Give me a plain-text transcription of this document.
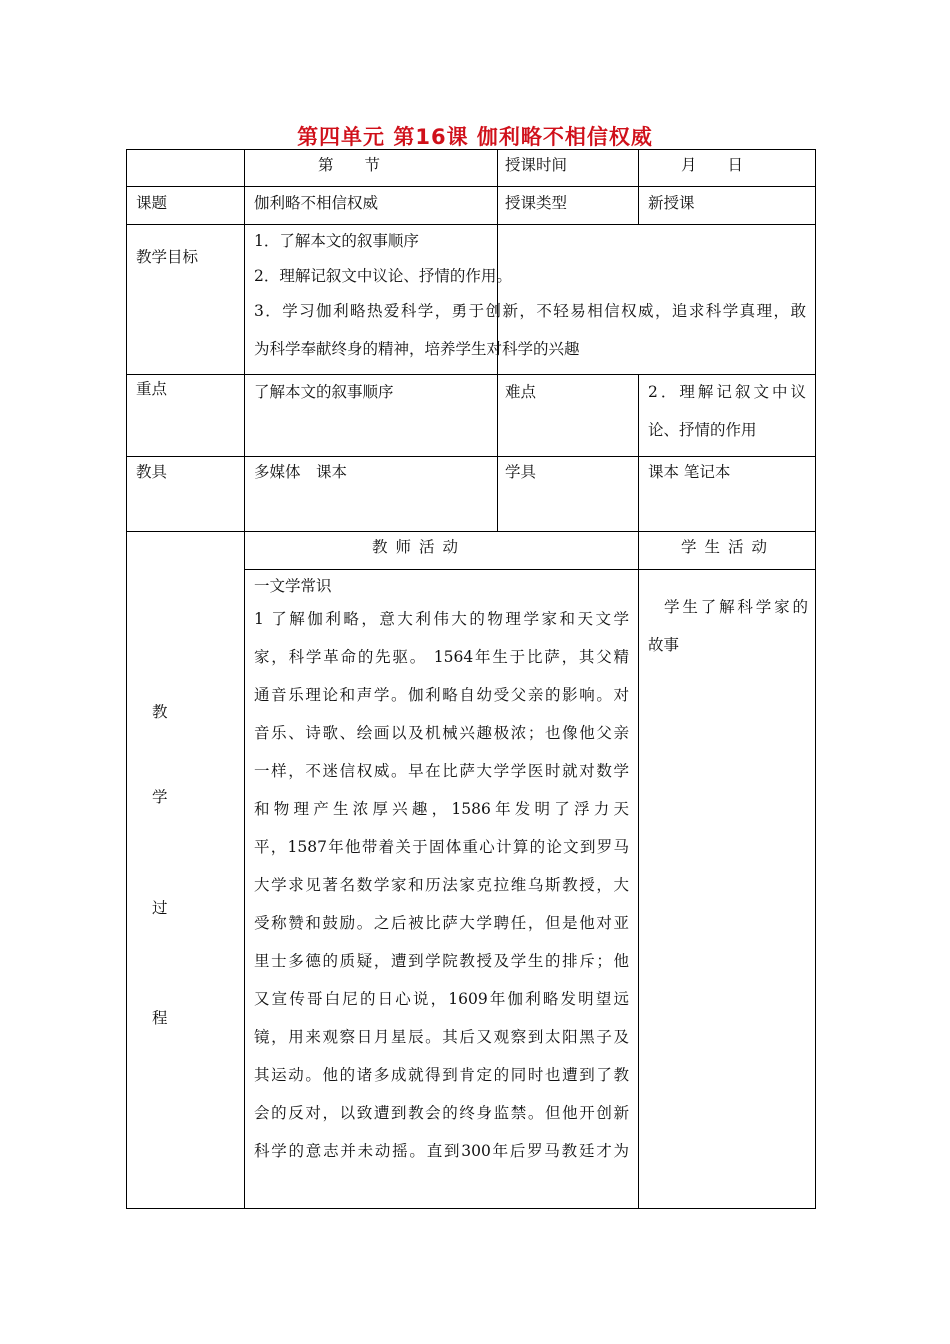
第四单元 第16课 伽利略不相信权威
第　　节	授课时间	月　　日
课题	伽利略不相信权威	授课类型	新授课
教学目标
1．了解本文的叙事顺序
2．理解记叙文中议论、抒情的作用。
3．学习伽利略热爱科学，勇于创新，不轻易相信权威，追求科学真理，敢
为科学奉献终身的精神，培养学生对科学的兴趣
重点	了解本文的叙事顺序	难点	2．理解记叙文中议
论、抒情的作用
教具	多媒体　课本	学具	课本 笔记本
教
学
过
程
教师活动	学生活动
一文学常识
1 了解伽利略，意大利伟大的物理学家和天文学
家，科学革命的先驱。 1564年生于比萨，其父精
通音乐理论和声学。伽利略自幼受父亲的影响。对
音乐、诗歌、绘画以及机械兴趣极浓；也像他父亲
一样，不迷信权威。早在比萨大学学医时就对数学
和物理产生浓厚兴趣，1586年发明了浮力天
平，1587年他带着关于固体重心计算的论文到罗马
大学求见著名数学家和历法家克拉维乌斯教授，大
受称赞和鼓励。之后被比萨大学聘任，但是他对亚
里士多德的质疑，遭到学院教授及学生的排斥；他
又宣传哥白尼的日心说，1609年伽利略发明望远
镜，用来观察日月星辰。其后又观察到太阳黑子及
其运动。他的诸多成就得到肯定的同时也遭到了教
会的反对，以致遭到教会的终身监禁。但他开创新
科学的意志并未动摇。直到300年后罗马教廷才为
学生了解科学家的
故事
